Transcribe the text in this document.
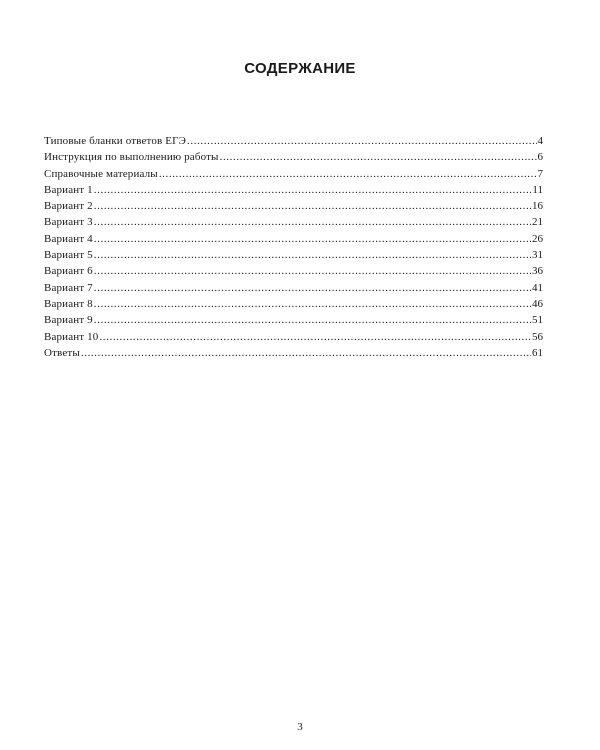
СОДЕРЖАНИЕ
Типовые бланки ответов ЕГЭ .....	4
Инструкция по выполнению работы .....	6
Справочные материалы .....	7
Вариант 1 .....	11
Вариант 2 .....	16
Вариант 3 .....	21
Вариант 4 .....	26
Вариант 5 .....	31
Вариант 6 .....	36
Вариант 7 .....	41
Вариант 8 .....	46
Вариант 9 .....	51
Вариант 10 .....	56
Ответы .....	61
3
